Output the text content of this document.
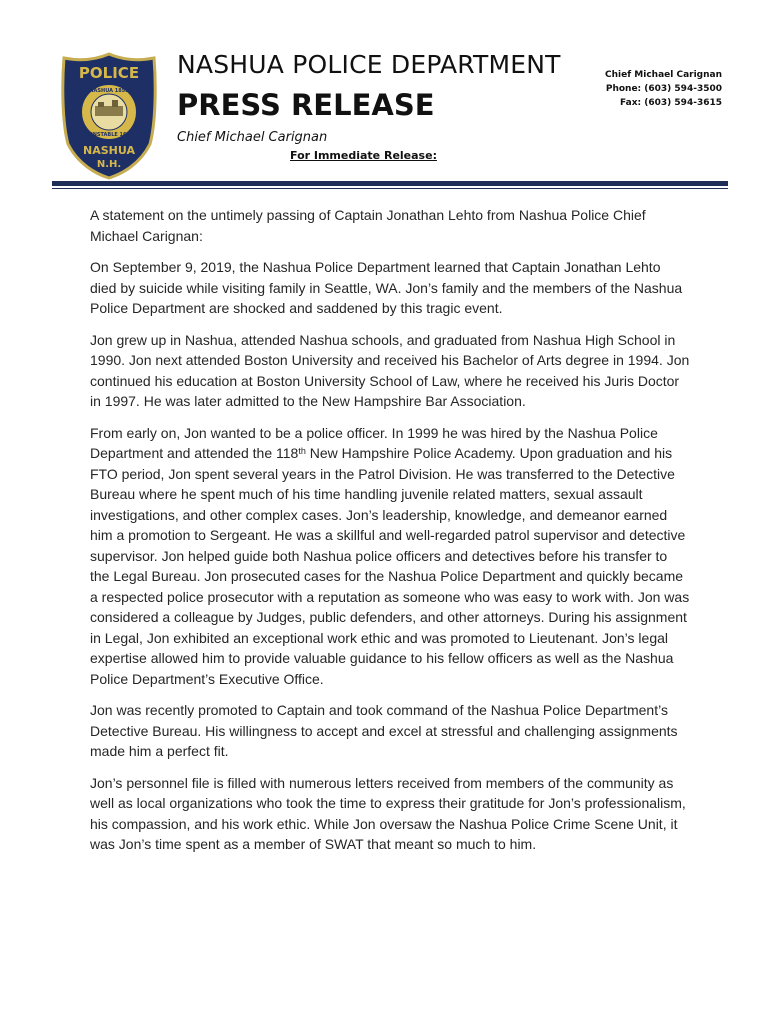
POLICE
NASHUA 1853
DUNSTABLE 1673
NASHUA
N.H.
NASHUA POLICE DEPARTMENT
PRESS RELEASE
Chief Michael Carignan
For Immediate Release:
Chief Michael Carignan
Phone: (603) 594-3500
Fax: (603) 594-3615

A statement on the untimely passing of Captain Jonathan Lehto from Nashua Police Chief Michael Carignan:

On September 9, 2019, the Nashua Police Department learned that Captain Jonathan Lehto died by suicide while visiting family in Seattle, WA. Jon’s family and the members of the Nashua Police Department are shocked and saddened by this tragic event.

Jon grew up in Nashua, attended Nashua schools, and graduated from Nashua High School in 1990. Jon next attended Boston University and received his Bachelor of Arts degree in 1994. Jon continued his education at Boston University School of Law, where he received his Juris Doctor in 1997. He was later admitted to the New Hampshire Bar Association.

From early on, Jon wanted to be a police officer. In 1999 he was hired by the Nashua Police Department and attended the 118th New Hampshire Police Academy. Upon graduation and his FTO period, Jon spent several years in the Patrol Division. He was transferred to the Detective Bureau where he spent much of his time handling juvenile related matters, sexual assault investigations, and other complex cases. Jon’s leadership, knowledge, and demeanor earned him a promotion to Sergeant. He was a skillful and well-regarded patrol supervisor and detective supervisor. Jon helped guide both Nashua police officers and detectives before his transfer to the Legal Bureau. Jon prosecuted cases for the Nashua Police Department and quickly became a respected police prosecutor with a reputation as someone who was easy to work with. Jon was considered a colleague by Judges, public defenders, and other attorneys. During his assignment in Legal, Jon exhibited an exceptional work ethic and was promoted to Lieutenant. Jon’s legal expertise allowed him to provide valuable guidance to his fellow officers as well as the Nashua Police Department’s Executive Office.

Jon was recently promoted to Captain and took command of the Nashua Police Department’s Detective Bureau. His willingness to accept and excel at stressful and challenging assignments made him a perfect fit.

Jon’s personnel file is filled with numerous letters received from members of the community as well as local organizations who took the time to express their gratitude for Jon’s professionalism, his compassion, and his work ethic. While Jon oversaw the Nashua Police Crime Scene Unit, it was Jon’s time spent as a member of SWAT that meant so much to him.
